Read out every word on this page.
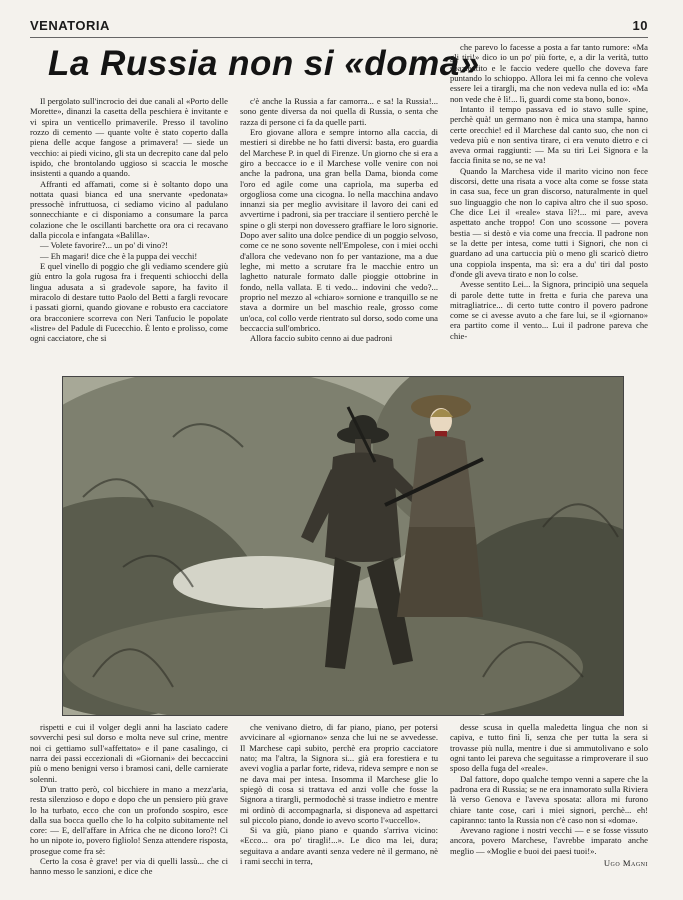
VENATORIA	10
La Russia non si «doma»

Il pergolato sull'incrocio dei due canali al «Porto delle Morette», dinanzi la casetta della peschiera è invitante e vi spira un venticello primaverile. Presso il tavolino rozzo di cemento — quante volte è stato coperto dalla piena delle acque fangose a primavera! — siede un vecchio: ai piedi vicino, gli sta un decrepito cane dal pelo ispido, che brontolando uggioso si scaccia le mosche insistenti a quando a quando.

Affranti ed affamati, come si è soltanto dopo una nottata quasi bianca ed una snervante «pedonata» pressochè infruttuosa, ci sediamo vicino al padulano sonnecchiante e ci disponiamo a consumare la parca colazione che le oscillanti barchette ora ora ci recavano dalla piccola e infangata «Balilla».

— Volete favorire?... un po' di vino?!

— Eh magari! dice che è la puppa dei vecchi!

E quel vinello di poggio che gli vediamo scendere giù giù entro la gola rugosa fra i frequenti schiocchi della lingua adusata a sì gradevole sapore, ha favito il miracolo di destare tutto Paolo del Betti a fargli revocare i passati giorni, quando giovane e robusto era cacciatore ora bracconiere scorreva con Neri Tanfucio le popolate «listre» del Padule di Fucecchio. È lento e prolisso, come ogni cacciatore, che si

c'è anche la Russia a far camorra... e sa! la Russia!... sono gente diversa da noi quella di Russia, o senta che razza di persone ci fa da quelle parti.

Ero giovane allora e sempre intorno alla caccia, di mestieri si direbbe ne ho fatti diversi: basta, ero guardia del Marchese P. in quel di Firenze. Un giorno che si era a giro a beccacce io e il Marchese volle venire con noi anche la padrona, una gran bella Dama, bionda come l'oro ed agile come una capriola, ma superba ed orgogliosa come una cicogna. Io nella macchina andavo innanzi sia per meglio avvisitare il lavoro dei cani ed avvertirne i padroni, sia per tracciare il sentiero perchè le spine o gli sterpi non dovessero graffiare le loro signorie. Dopo aver salito una dolce pendice di un poggio selvoso, come ce ne sono sovente nell'Empolese, con i miei occhi d'allora che vedevano non fo per vantazione, ma a due leghe, mi metto a scrutare fra le macchie entro un laghetto naturale formato dalle pioggie ottobrine in fondo, nella vallata. E ti vedo... indovini che vedo?... proprio nel mezzo al «chiaro» sornione e tranquillo se ne stava a dormire un bel maschio reale, grosso come un'oca, col collo verde rientrato sul dorso, sodo come una beccaccia sull'ombrico.

Allora faccio subito cenno ai due padroni

che parevo lo facesse a posta a far tanto rumore: «Ma gli tiri!» dico io un po' più forte, e, a dir la verità, tutto spazientito e le faccio vedere quello che doveva fare puntando lo schioppo. Allora lei mi fa cenno che voleva essere lei a tirargli, ma che non vedeva nulla ed io: «Ma non vede che è lì!... lì, guardi come sta bono, bono».

Intanto il tempo passava ed io stavo sulle spine, perchè quà! un germano non è mica una stampa, hanno certe orecchie! ed il Marchese dal canto suo, che non ci vedeva più e non sentiva tirare, ci era venuto dietro e ci aveva ormai raggiunti: — Ma su tiri Lei Signora e la faccia finita se no, se ne va!

Quando la Marchesa vide il marito vicino non fece discorsi, dette una risata a voce alta come se fosse stata in casa sua, fece un gran discorso, naturalmente in quel suo linguaggio che non lo capiva altro che il suo sposo. Che dice Lei il «reale» stava lì?!... mi pare, aveva aspettato anche troppo! Con uno scossone — povera bestia — si destò e via come una freccia. Il padrone non se la dette per intesa, come tutti i Signori, che non ci guardano ad una cartuccia più o meno gli scaricò dietro una coppiola inspenta, ma sì: era a du' tiri dal posto d'onde gli aveva tirato e non lo colse.

Avesse sentito Lei... la Signora, principiò una sequela di parole dette tutte in fretta e furia che pareva una mitragliatrice... di certo tutte contro il povero padrone come se ci avesse avuto a che fare lui, se il «giornano» era partito come il vento... Lui il padrone pareva che chie-

rispetti e cui il volger degli anni ha lasciato cadere sovverchi pesi sul dorso e molta neve sul crine, mentre noi ci gettiamo sull'«affettato» e il pane casalingo, ci narra dei passi eccezionali di «Giornani» dei beccaccini più o meno benigni verso i bramosi cani, delle carnierate solenni.

D'un tratto però, col bicchiere in mano a mezz'aria, resta silenzioso e dopo e dopo che un pensiero più grave lo ha turbato, ecco che con un profondo sospiro, esce dalla sua bocca quello che lo ha colpito subitamente nel core: — E, dell'affare in Africa che ne dicono loro?! Ci ho un nipote io, povero figliolo! Senza attendere risposta, prosegue come fra sè:

Certo la cosa è grave! per via di quelli lassù... che ci hanno messo le sanzioni, e dice che

che venivano dietro, di far piano, piano, per potersi avvicinare al «giornano» senza che lui ne se avvedesse. Il Marchese capì subito, perchè era proprio cacciatore nato; ma l'altra, la Signora si... già era forestiera e tu avevi voglia a parlar forte, rideva, rideva sempre e non se ne dava mai per intesa. Insomma il Marchese glie lo spiegò di cosa si trattava ed anzi volle che fosse la Signora a tirargli, permodochè si trasse indietro e mentre mi ordinò di accompagnarla, si disponeva ad aspettarci sul piccolo piano, donde io avevo scorto l'«uccello».

Si va giù, piano piano e quando s'arriva vicino: «Ecco... ora po' tiragli!...». Le dico ma lei, dura; seguitava a andare avanti senza vedere nè il germano, nè i rami secchi in terra,

desse scusa in quella maledetta lingua che non si capiva, e tutto finì lì, senza che per tutta la sera si trovasse più nulla, mentre i due si ammutolivano e solo ogni tanto lei pareva che seguitasse a rimproverare il suo sposo della fuga del «reale».

Dal fattore, dopo qualche tempo venni a sapere che la padrona era di Russia; se ne era innamorato sulla Riviera là verso Genova e l'aveva sposata: allora mi furono chiare tante cose, cari i miei signori, perchè... eh! capiranno: tanto la Russia non c'è caso non si «doma».

Avevano ragione i nostri vecchi — e se fosse vissuto ancora, povero Marchese, l'avrebbe imparato anche meglio — «Moglie e buoi dei paesi tuoi!».

Ugo Magni
